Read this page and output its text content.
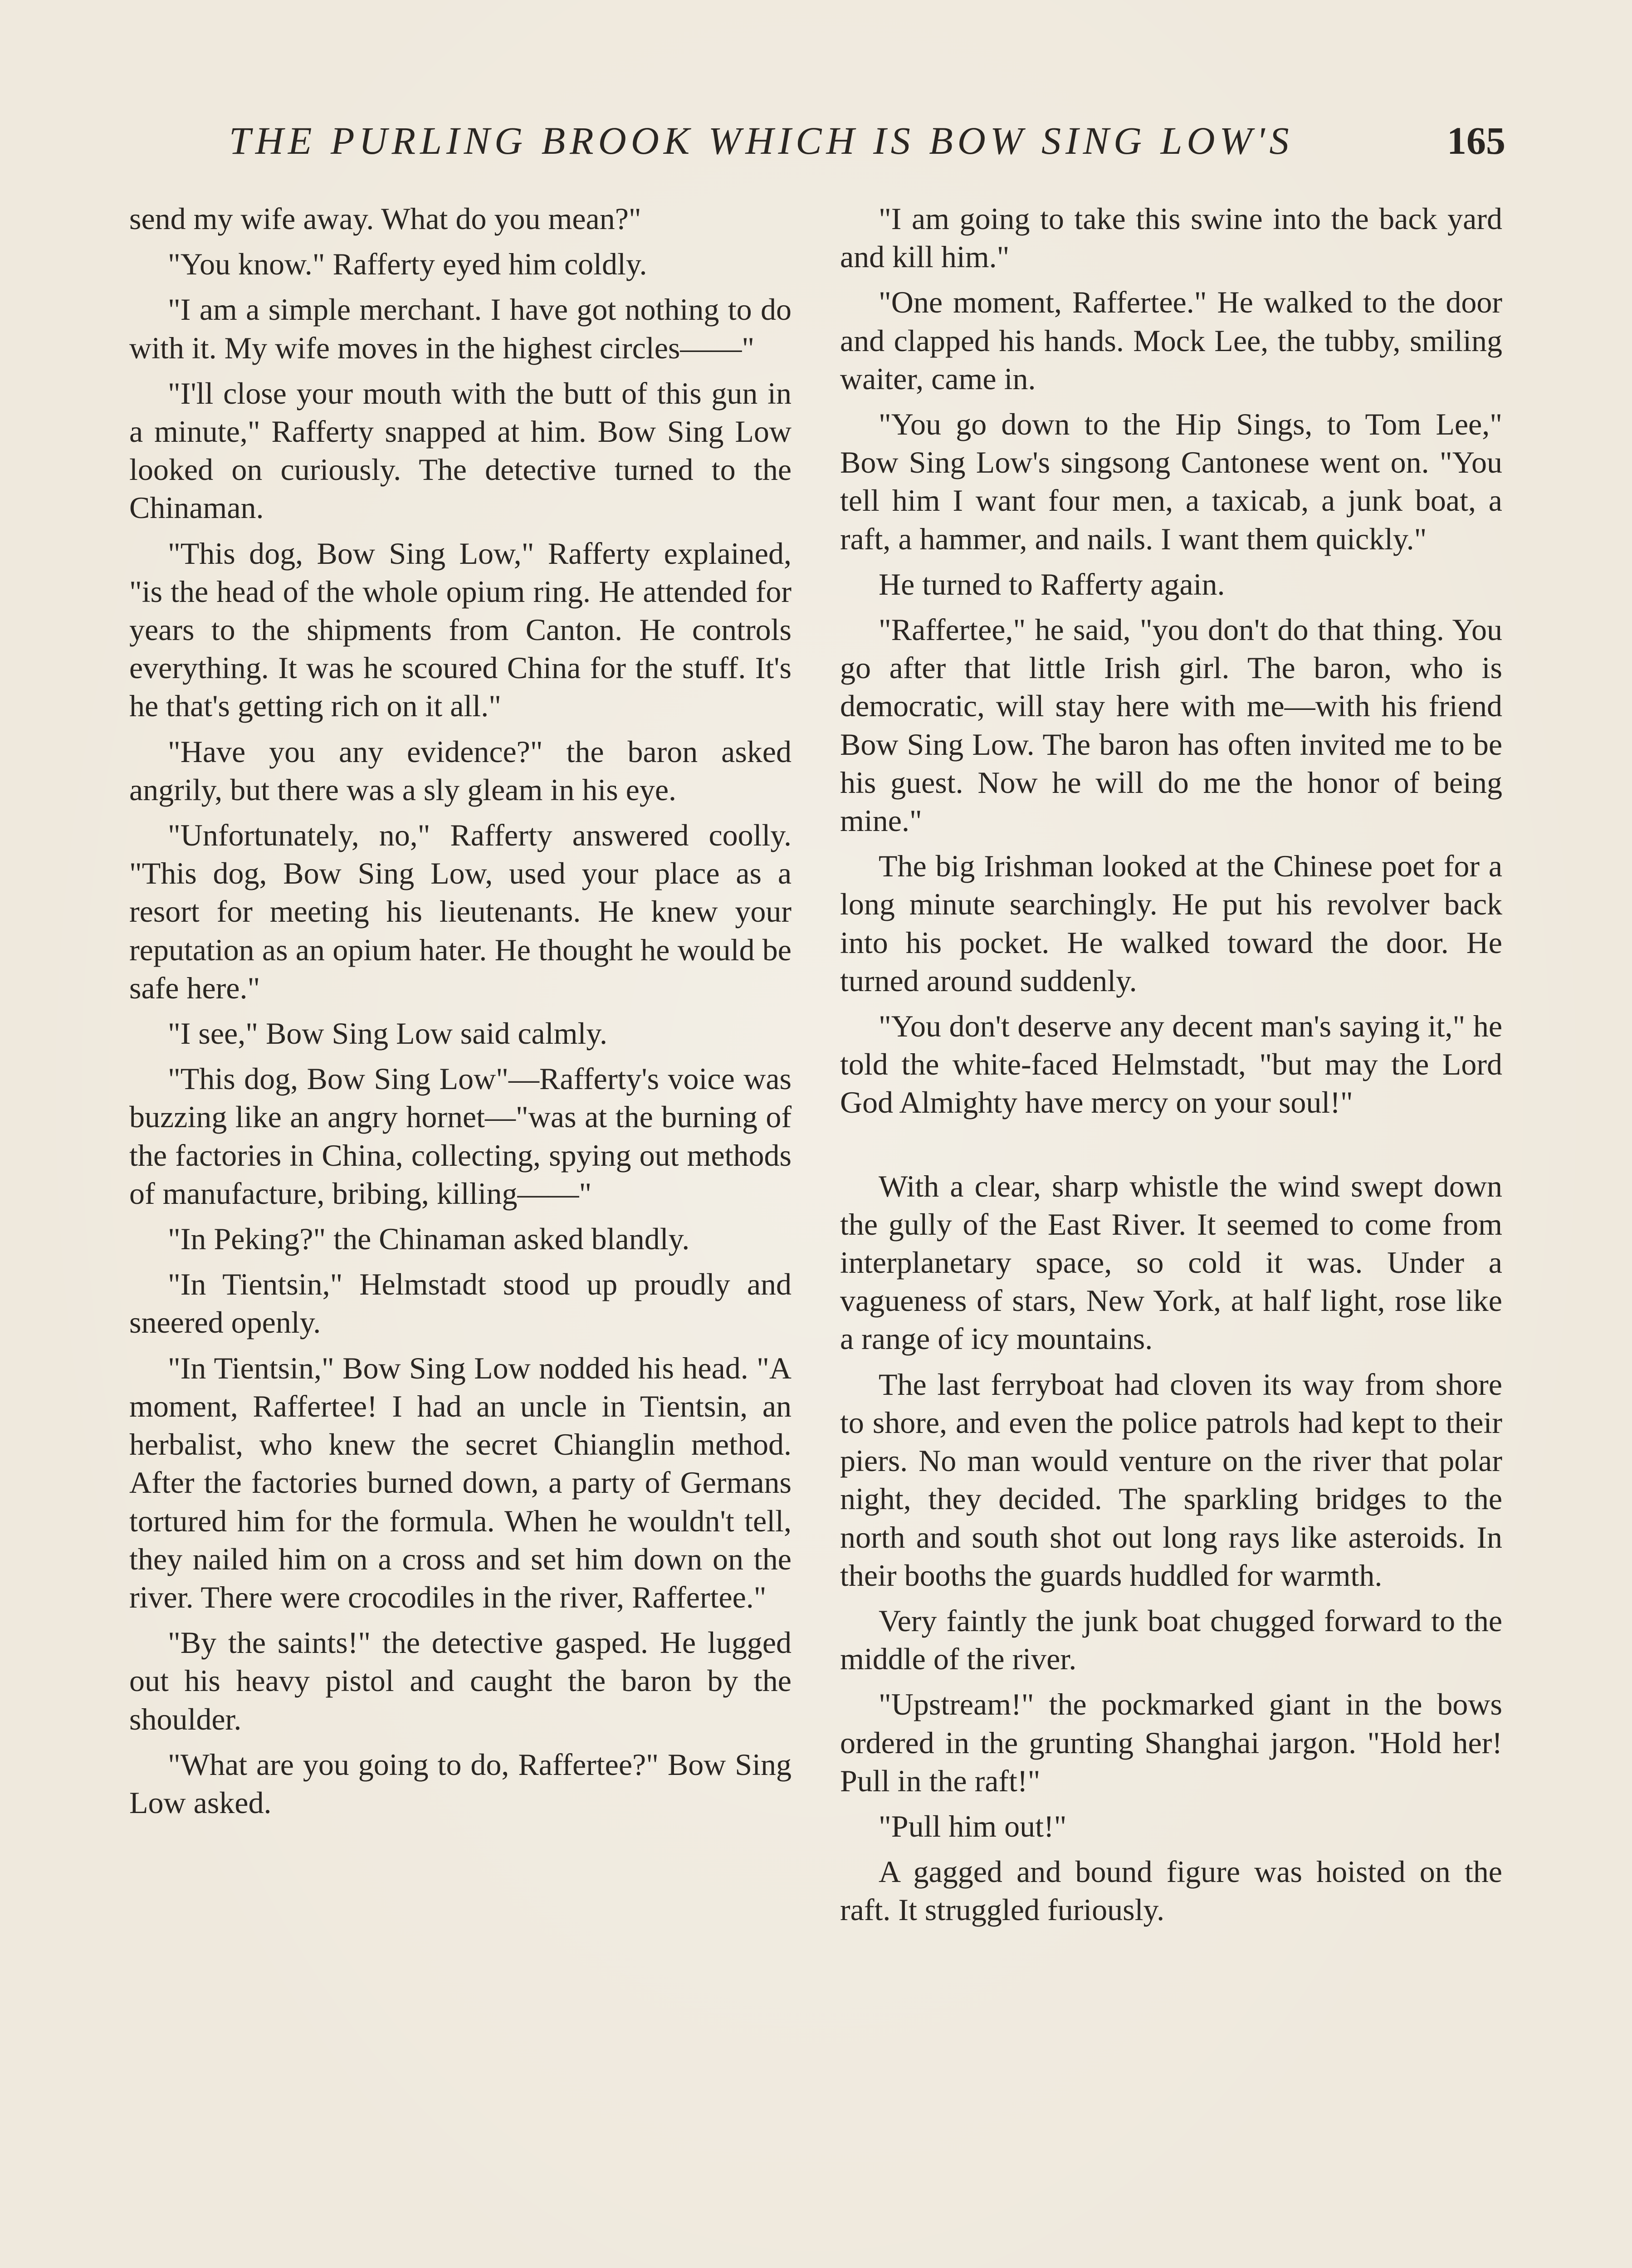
THE PURLING BROOK WHICH IS BOW SING LOW'S	165

send my wife away. What do you mean?"

"You know." Rafferty eyed him coldly.

"I am a simple merchant. I have got nothing to do with it. My wife moves in the highest circles——"

"I'll close your mouth with the butt of this gun in a minute," Rafferty snapped at him. Bow Sing Low looked on curiously. The detective turned to the Chinaman.

"This dog, Bow Sing Low," Rafferty explained, "is the head of the whole opium ring. He attended for years to the shipments from Canton. He controls everything. It was he scoured China for the stuff. It's he that's getting rich on it all."

"Have you any evidence?" the baron asked angrily, but there was a sly gleam in his eye.

"Unfortunately, no," Rafferty answered coolly. "This dog, Bow Sing Low, used your place as a resort for meeting his lieutenants. He knew your reputation as an opium hater. He thought he would be safe here."

"I see," Bow Sing Low said calmly.

"This dog, Bow Sing Low"—Rafferty's voice was buzzing like an angry hornet—"was at the burning of the factories in China, collecting, spying out methods of manufacture, bribing, killing——"

"In Peking?" the Chinaman asked blandly.

"In Tientsin," Helmstadt stood up proudly and sneered openly.

"In Tientsin," Bow Sing Low nodded his head. "A moment, Raffertee! I had an uncle in Tientsin, an herbalist, who knew the secret Chianglin method. After the factories burned down, a party of Germans tortured him for the formula. When he wouldn't tell, they nailed him on a cross and set him down on the river. There were crocodiles in the river, Raffertee."

"By the saints!" the detective gasped. He lugged out his heavy pistol and caught the baron by the shoulder.

"What are you going to do, Raffertee?" Bow Sing Low asked.

"I am going to take this swine into the back yard and kill him."

"One moment, Raffertee." He walked to the door and clapped his hands. Mock Lee, the tubby, smiling waiter, came in.

"You go down to the Hip Sings, to Tom Lee," Bow Sing Low's singsong Cantonese went on. "You tell him I want four men, a taxicab, a junk boat, a raft, a hammer, and nails. I want them quickly."

He turned to Rafferty again.

"Raffertee," he said, "you don't do that thing. You go after that little Irish girl. The baron, who is democratic, will stay here with me—with his friend Bow Sing Low. The baron has often invited me to be his guest. Now he will do me the honor of being mine."

The big Irishman looked at the Chinese poet for a long minute searchingly. He put his revolver back into his pocket. He walked toward the door. He turned around suddenly.

"You don't deserve any decent man's saying it," he told the white-faced Helmstadt, "but may the Lord God Almighty have mercy on your soul!"

With a clear, sharp whistle the wind swept down the gully of the East River. It seemed to come from interplanetary space, so cold it was. Under a vagueness of stars, New York, at half light, rose like a range of icy mountains.

The last ferryboat had cloven its way from shore to shore, and even the police patrols had kept to their piers. No man would venture on the river that polar night, they decided. The sparkling bridges to the north and south shot out long rays like asteroids. In their booths the guards huddled for warmth.

Very faintly the junk boat chugged forward to the middle of the river.

"Upstream!" the pockmarked giant in the bows ordered in the grunting Shanghai jargon. "Hold her! Pull in the raft!"

"Pull him out!"

A gagged and bound figure was hoisted on the raft. It struggled furiously.
